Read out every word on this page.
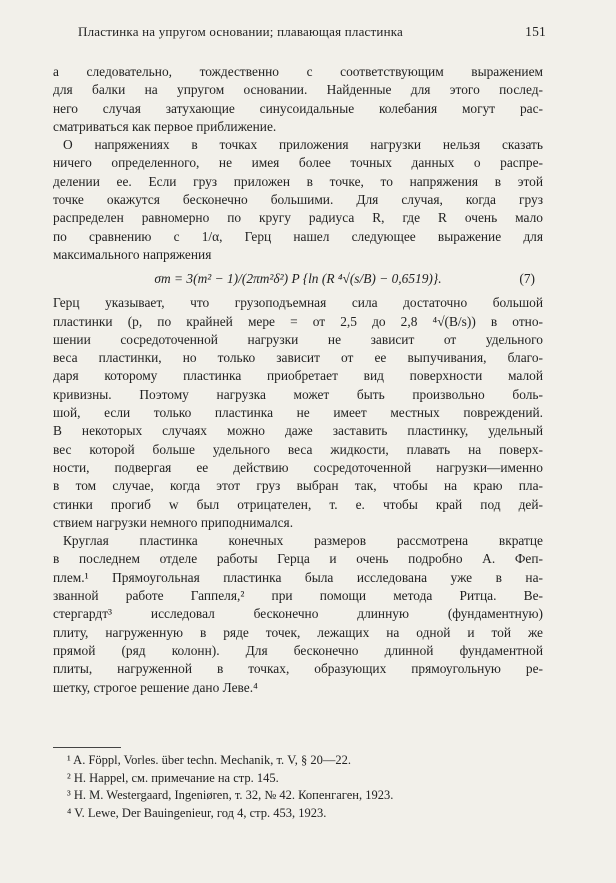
Пластинка на упругом основании; плавающая пластинка	151
а следовательно, тождественно с соответствующим выражением
для балки на упругом основании. Найденные для этого послед-
него случая затухающие синусоидальные колебания могут рас-
сматриваться как первое приближение.
О напряжениях в точках приложения нагрузки нельзя сказать
ничего определенного, не имея более точных данных о распре-
делении ее. Если груз приложен в точке, то напряжения в этой
точке окажутся бесконечно большими. Для случая, когда груз
распределен равномерно по кругу радиуса R, где R очень мало
по сравнению с 1/α, Герц нашел следующее выражение для
максимального напряжения
σm = 3(m² − 1)/(2πm²δ²) P {ln (R ⁴√(s/B) − 0,6519)}.	(7)
Герц указывает, что грузоподъемная сила достаточно большой
пластинки (p, по крайней мере = от 2,5 до 2,8 ⁴√(B/s)) в отно-
шении сосредоточенной нагрузки не зависит от удельного
веса пластинки, но только зависит от ее выпучивания, благо-
даря которому пластинка приобретает вид поверхности малой
кривизны. Поэтому нагрузка может быть произвольно боль-
шой, если только пластинка не имеет местных повреждений.
В некоторых случаях можно даже заставить пластинку, удельный
вес которой больше удельного веса жидкости, плавать на поверх-
ности, подвергая ее действию сосредоточенной нагрузки—именно
в том случае, когда этот груз выбран так, чтобы на краю пла-
стинки прогиб w был отрицателен, т. е. чтобы край под дей-
ствием нагрузки немного приподнимался.
Круглая пластинка конечных размеров рассмотрена вкратце
в последнем отделе работы Герца и очень подробно А. Феп-
плем.¹ Прямоугольная пластинка была исследована уже в на-
званной работе Гаппеля,² при помощи метода Ритца. Ве-
стергардт³ исследовал бесконечно длинную (фундаментную)
плиту, нагруженную в ряде точек, лежащих на одной и той же
прямой (ряд колонн). Для бесконечно длинной фундаментной
плиты, нагруженной в точках, образующих прямоугольную ре-
шетку, строгое решение дано Леве.⁴
¹ A. Föppl, Vorles. über techn. Mechanik, т. V, § 20—22.
² H. Happel, см. примечание на стр. 145.
³ H. M. Westergaard, Ingeniøren, т. 32, № 42. Копенгаген, 1923.
⁴ V. Lewe, Der Bauingenieur, год 4, стр. 453, 1923.
